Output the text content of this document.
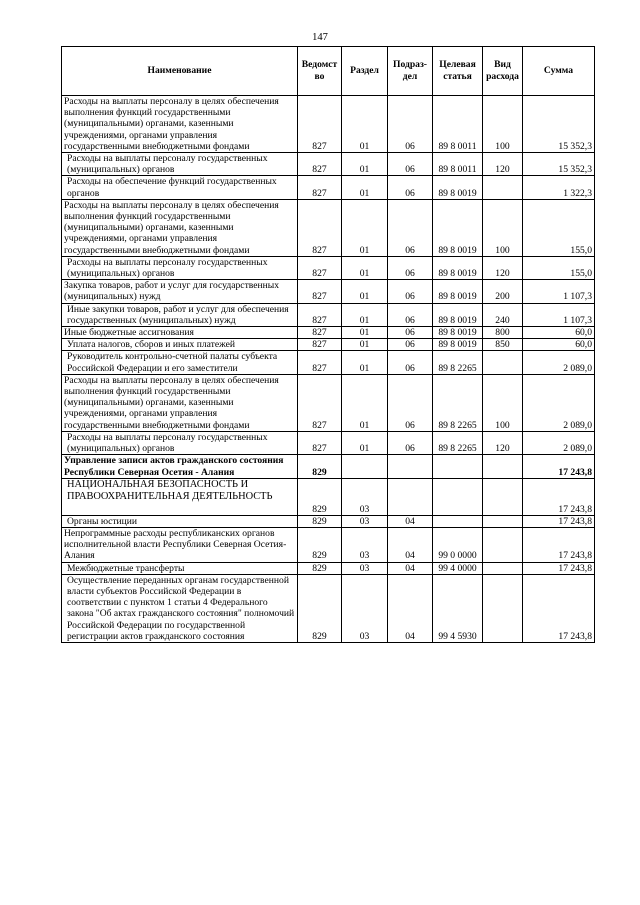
147
Наименование	Ведомст во	Раздел	Подраз- дел	Целевая статья	Вид расхода	Сумма
Расходы на выплаты персоналу в целях обеспечения выполнения функций государственными (муниципальными) органами, казенными учреждениями, органами управления государственными внебюджетными фондами	827	01	06	89 8 0011	100	15 352,3
Расходы на выплаты персоналу государственных (муниципальных) органов	827	01	06	89 8 0011	120	15 352,3
Расходы на обеспечение функций государственных органов	827	01	06	89 8 0019		1 322,3
Расходы на выплаты персоналу в целях обеспечения выполнения функций государственными (муниципальными) органами, казенными учреждениями, органами управления государственными внебюджетными фондами	827	01	06	89 8 0019	100	155,0
Расходы на выплаты персоналу государственных (муниципальных) органов	827	01	06	89 8 0019	120	155,0
Закупка товаров, работ и услуг для государственных (муниципальных) нужд	827	01	06	89 8 0019	200	1 107,3
Иные закупки товаров, работ и услуг для обеспечения государственных (муниципальных) нужд	827	01	06	89 8 0019	240	1 107,3
Иные бюджетные ассигнования	827	01	06	89 8 0019	800	60,0
Уплата налогов, сборов и иных платежей	827	01	06	89 8 0019	850	60,0
Руководитель контрольно-счетной палаты субъекта Российской Федерации и его заместители	827	01	06	89 8 2265		2 089,0
Расходы на выплаты персоналу в целях обеспечения выполнения функций государственными (муниципальными) органами, казенными учреждениями, органами управления государственными внебюджетными фондами	827	01	06	89 8 2265	100	2 089,0
Расходы на выплаты персоналу государственных (муниципальных) органов	827	01	06	89 8 2265	120	2 089,0
Управление записи актов гражданского состояния Республики Северная Осетия - Алания	829					17 243,8
НАЦИОНАЛЬНАЯ БЕЗОПАСНОСТЬ И ПРАВООХРАНИТЕЛЬНАЯ ДЕЯТЕЛЬНОСТЬ	829	03				17 243,8
Органы юстиции	829	03	04			17 243,8
Непрограммные расходы республиканских органов исполнительной власти Республики Северная Осетия-Алания	829	03	04	99 0 0000		17 243,8
Межбюджетные трансферты	829	03	04	99 4 0000		17 243,8
Осуществление переданных органам государственной власти субъектов Российской Федерации в соответствии с пунктом 1 статьи 4 Федерального закона "Об актах гражданского состояния" полномочий Российской Федерации по государственной регистрации актов гражданского состояния	829	03	04	99 4 5930		17 243,8
